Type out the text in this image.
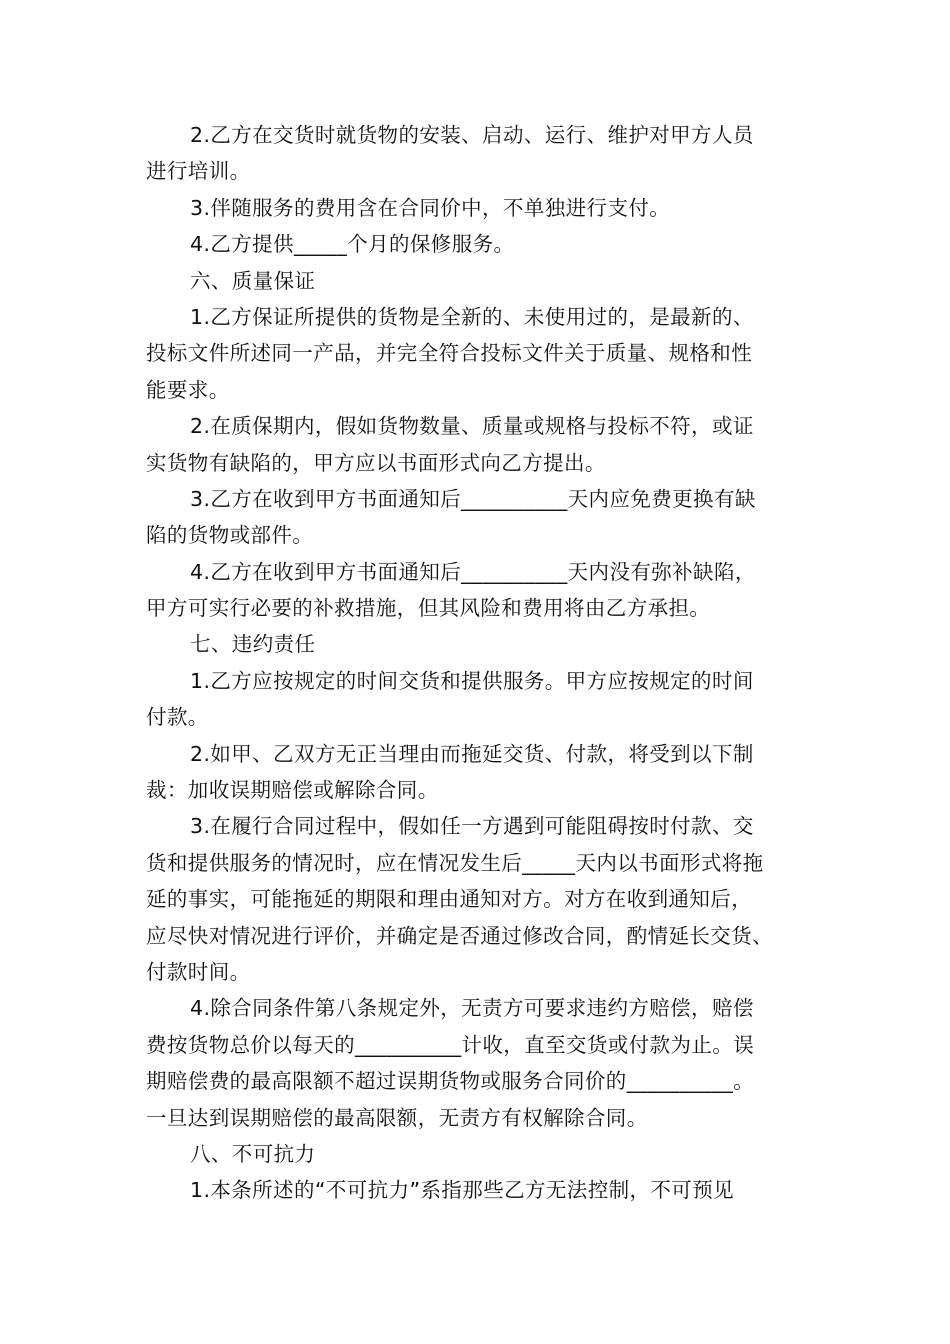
2.乙方在交货时就货物的安装、启动、运行、维护对甲方人员
进行培训。
3.伴随服务的费用含在合同价中，不单独进行支付。
4.乙方提供_____个月的保修服务。
六、质量保证
1.乙方保证所提供的货物是全新的、未使用过的，是最新的、
投标文件所述同一产品，并完全符合投标文件关于质量、规格和性
能要求。
2.在质保期内，假如货物数量、质量或规格与投标不符，或证
实货物有缺陷的，甲方应以书面形式向乙方提出。
3.乙方在收到甲方书面通知后__________天内应免费更换有缺
陷的货物或部件。
4.乙方在收到甲方书面通知后__________天内没有弥补缺陷，
甲方可实行必要的补救措施，但其风险和费用将由乙方承担。
七、违约责任
1.乙方应按规定的时间交货和提供服务。甲方应按规定的时间
付款。
2.如甲、乙双方无正当理由而拖延交货、付款，将受到以下制
裁：加收误期赔偿或解除合同。
3.在履行合同过程中，假如任一方遇到可能阻碍按时付款、交
货和提供服务的情况时，应在情况发生后_____天内以书面形式将拖
延的事实，可能拖延的期限和理由通知对方。对方在收到通知后，
应尽快对情况进行评价，并确定是否通过修改合同，酌情延长交货、
付款时间。
4.除合同条件第八条规定外，无责方可要求违约方赔偿，赔偿
费按货物总价以每天的__________计收，直至交货或付款为止。误
期赔偿费的最高限额不超过误期货物或服务合同价的__________。
一旦达到误期赔偿的最高限额，无责方有权解除合同。
八、不可抗力
1.本条所述的“不可抗力”系指那些乙方无法控制，不可预见
